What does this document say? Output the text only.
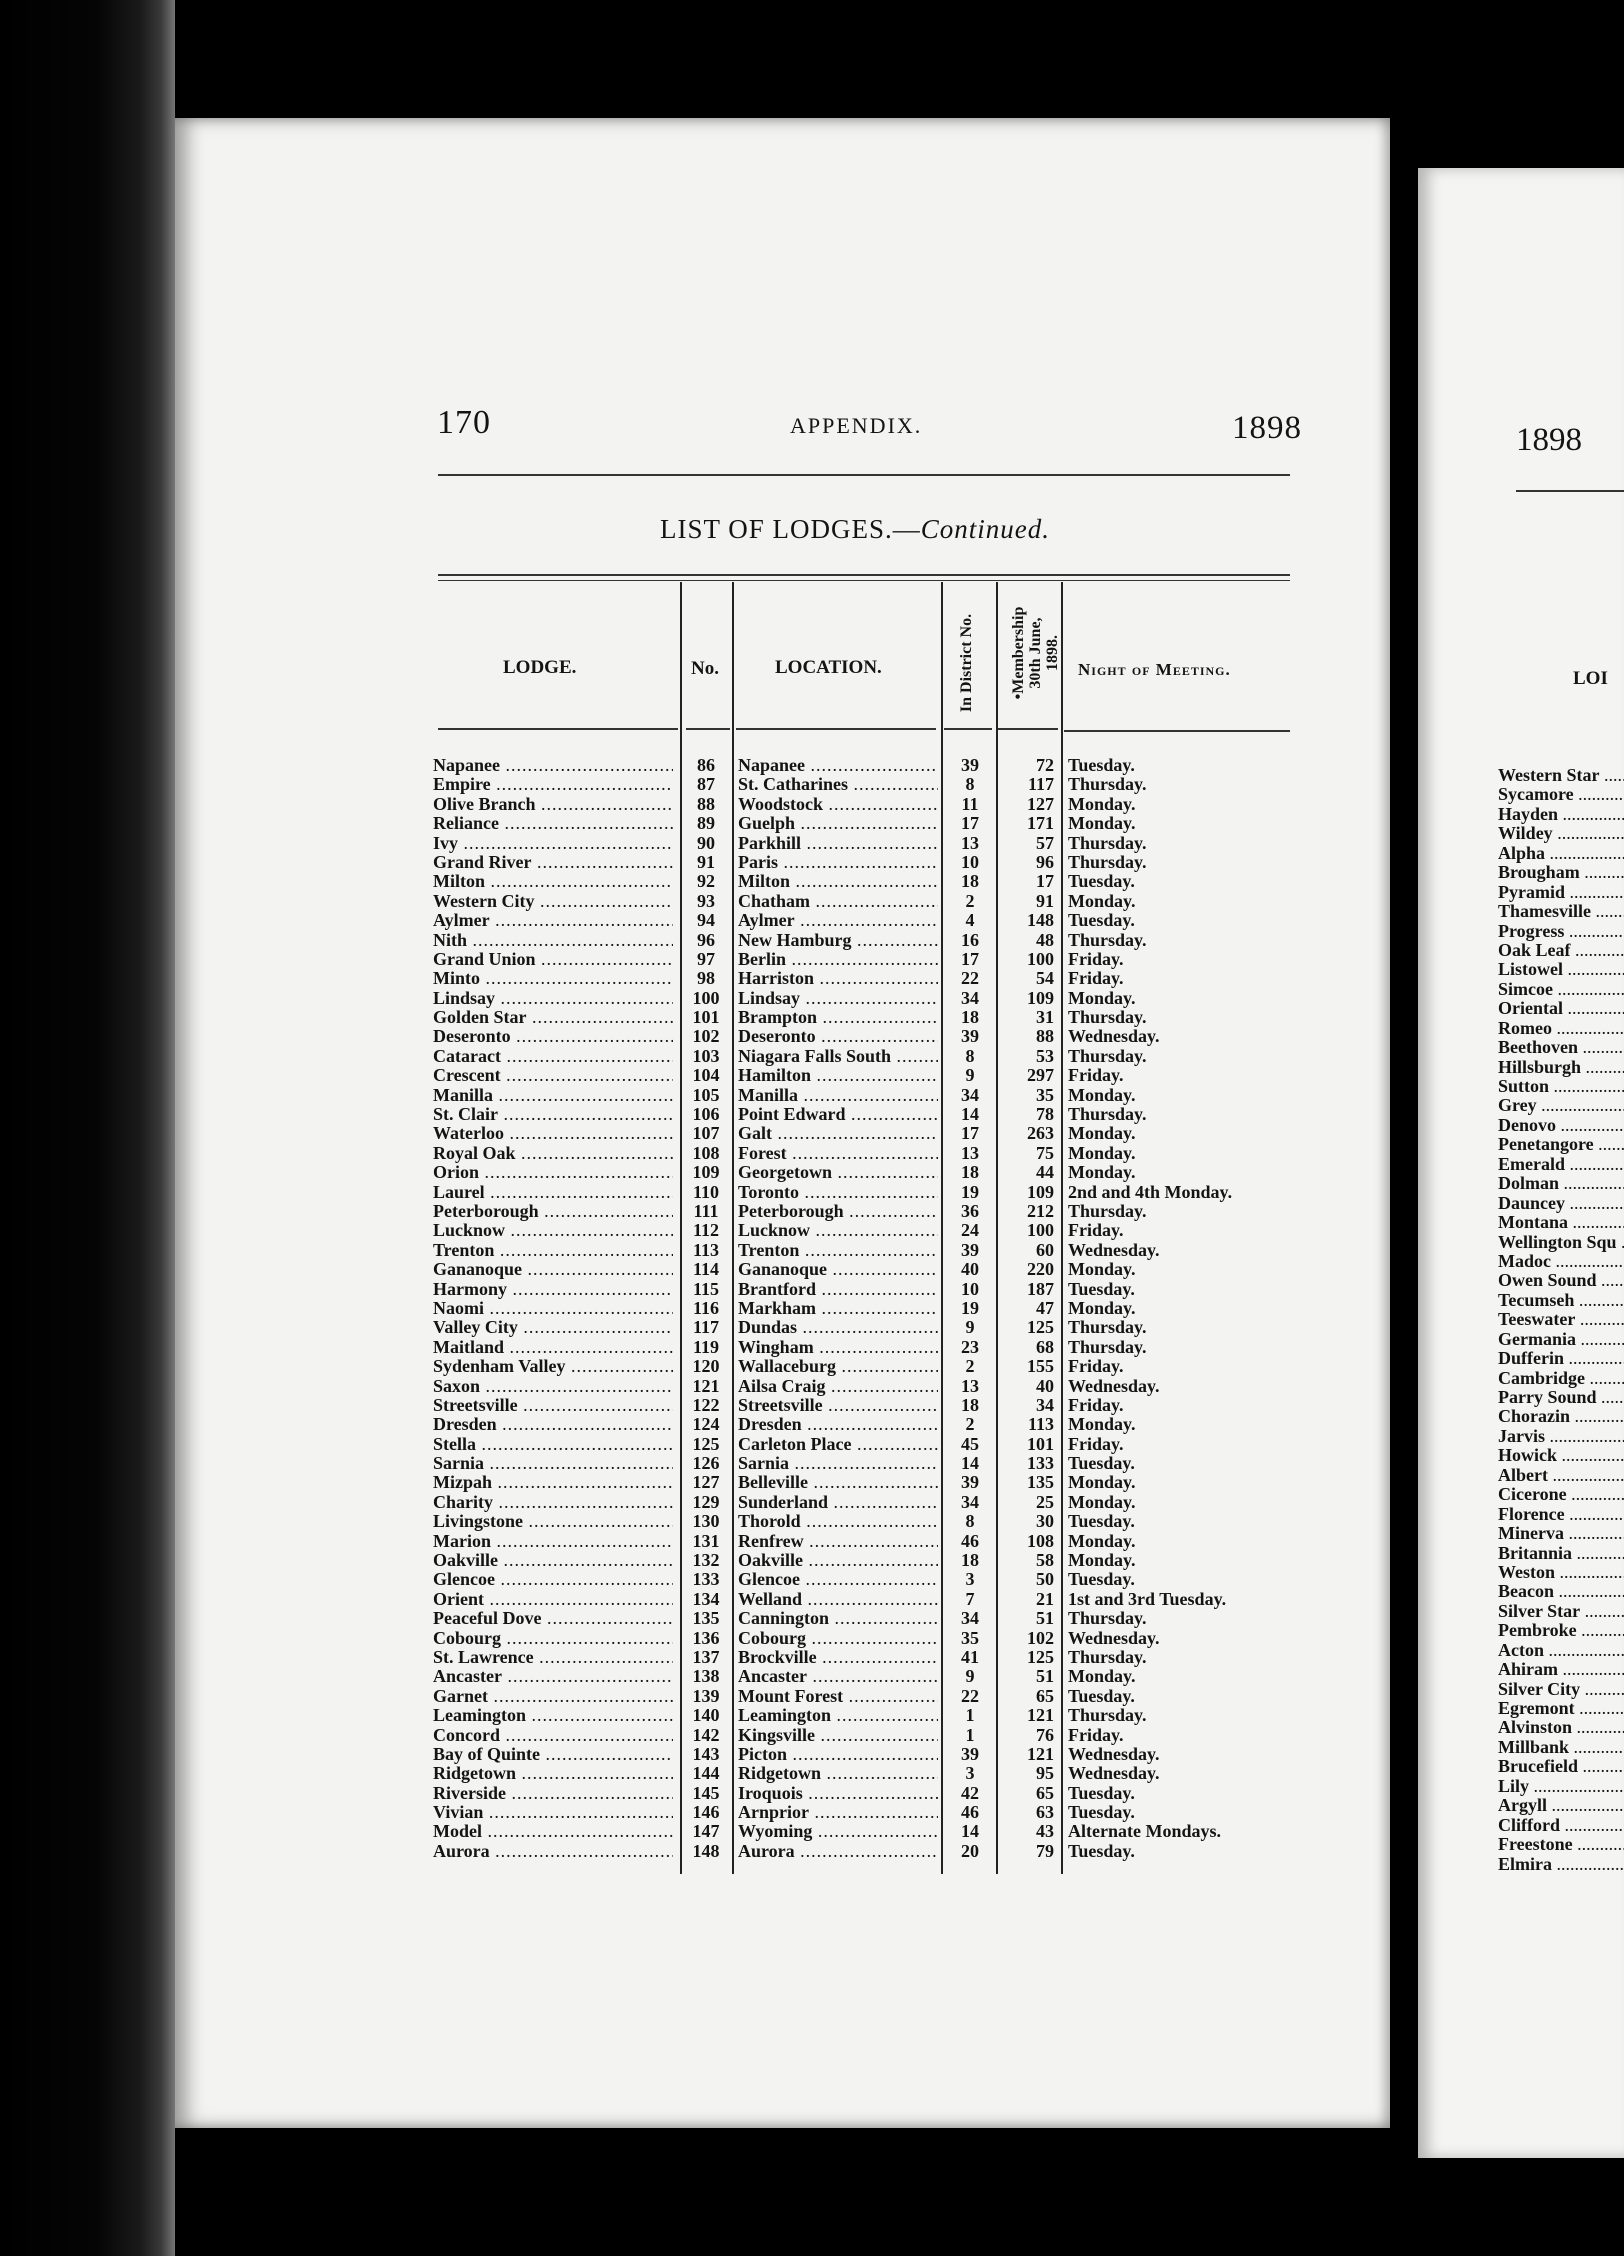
170	APPENDIX.	1898
LIST OF LODGES.—Continued.
LODGE.	No.	LOCATION.	In District No. •Membership 30th June, 1898. Night of Meeting.
Napanee .....	86	Napanee .....	39	72 Tuesday.
Empire .....	87	St. Catharines .....	8	117 Thursday.
Olive Branch .....	88	Woodstock .....	11	127 Monday.
Reliance .....	89	Guelph .....	17	171 Monday.
Ivy .....	90	Parkhill .....	13	57 Thursday.
Grand River .....	91	Paris .....	10	96 Thursday.
Milton .....	92	Milton .....	18	17 Tuesday.
Western City .....	93	Chatham .....	2	91 Monday.
Aylmer .....	94	Aylmer .....	4	148 Tuesday.
Nith .....	96	New Hamburg .....	16	48 Thursday.
Grand Union .....	97	Berlin .....	17	100 Friday.
Minto .....	98	Harriston .....	22	54 Friday.
Lindsay .....	100	Lindsay .....	34	109 Monday.
Golden Star .....	101	Brampton .....	18	31 Thursday.
Deseronto .....	102	Deseronto .....	39	88 Wednesday.
Cataract .....	103	Niagara Falls South .....	8	53 Thursday.
Crescent .....	104	Hamilton .....	9	297 Friday.
Manilla .....	105	Manilla .....	34	35 Monday.
St. Clair .....	106	Point Edward .....	14	78 Thursday.
Waterloo .....	107	Galt .....	17	263 Monday.
Royal Oak .....	108	Forest .....	13	75 Monday.
Orion .....	109	Georgetown .....	18	44 Monday.
Laurel .....	110	Toronto .....	19	109 2nd and 4th Monday.
Peterborough .....	111	Peterborough .....	36	212 Thursday.
Lucknow .....	112	Lucknow .....	24	100 Friday.
Trenton .....	113	Trenton .....	39	60 Wednesday.
Gananoque .....	114	Gananoque .....	40	220 Monday.
Harmony .....	115	Brantford .....	10	187 Tuesday.
Naomi .....	116	Markham .....	19	47 Monday.
Valley City .....	117	Dundas .....	9	125 Thursday.
Maitland .....	119	Wingham .....	23	68 Thursday.
Sydenham Valley .....	120	Wallaceburg .....	2	155 Friday.
Saxon .....	121	Ailsa Craig .....	13	40 Wednesday.
Streetsville .....	122	Streetsville .....	18	34 Friday.
Dresden .....	124	Dresden .....	2	113 Monday.
Stella .....	125	Carleton Place .....	45	101 Friday.
Sarnia .....	126	Sarnia .....	14	133 Tuesday.
Mizpah .....	127	Belleville .....	39	135 Monday.
Charity .....	129	Sunderland .....	34	25 Monday.
Livingstone .....	130	Thorold .....	8	30 Tuesday.
Marion .....	131	Renfrew .....	46	108 Monday.
Oakville .....	132	Oakville .....	18	58 Monday.
Glencoe .....	133	Glencoe .....	3	50 Tuesday.
Orient .....	134	Welland .....	7	21 1st and 3rd Tuesday.
Peaceful Dove .....	135	Cannington .....	34	51 Thursday.
Cobourg .....	136	Cobourg .....	35	102 Wednesday.
St. Lawrence .....	137	Brockville .....	41	125 Thursday.
Ancaster .....	138	Ancaster .....	9	51 Monday.
Garnet .....	139	Mount Forest .....	22	65 Tuesday.
Leamington .....	140	Leamington .....	1	121 Thursday.
Concord .....	142	Kingsville .....	1	76 Friday.
Bay of Quinte .....	143	Picton .....	39	121 Wednesday.
Ridgetown .....	144	Ridgetown .....	3	95 Wednesday.
Riverside .....	145	Iroquois .....	42	65 Tuesday.
Vivian .....	146	Arnprior .....	46	63 Tuesday.
Model .....	147	Wyoming .....	14	43 Alternate Mondays.
Aurora .....	148	Aurora .....	20	79 Tuesday.
1898
LOI
Western Star .....
Sycamore .....
Hayden .....
Wildey .....
Alpha .....
Brougham .....
Pyramid .....
Thamesville .....
Progress .....
Oak Leaf .....
Listowel .....
Simcoe .....
Oriental .....
Romeo .....
Beethoven .....
Hillsburgh .....
Sutton .....
Grey .....
Denovo .....
Penetangore .....
Emerald .....
Dolman .....
Dauncey .....
Montana .....
Wellington Squ .....
Madoc .....
Owen Sound .....
Tecumseh .....
Teeswater .....
Germania .....
Dufferin .....
Cambridge .....
Parry Sound .....
Chorazin .....
Jarvis .....
Howick .....
Albert .....
Cicerone .....
Florence .....
Minerva .....
Britannia .....
Weston .....
Beacon .....
Silver Star .....
Pembroke .....
Acton .....
Ahiram .....
Silver City .....
Egremont .....
Alvinston .....
Millbank .....
Brucefield .....
Lily .....
Argyll .....
Clifford .....
Freestone .....
Elmira .....
